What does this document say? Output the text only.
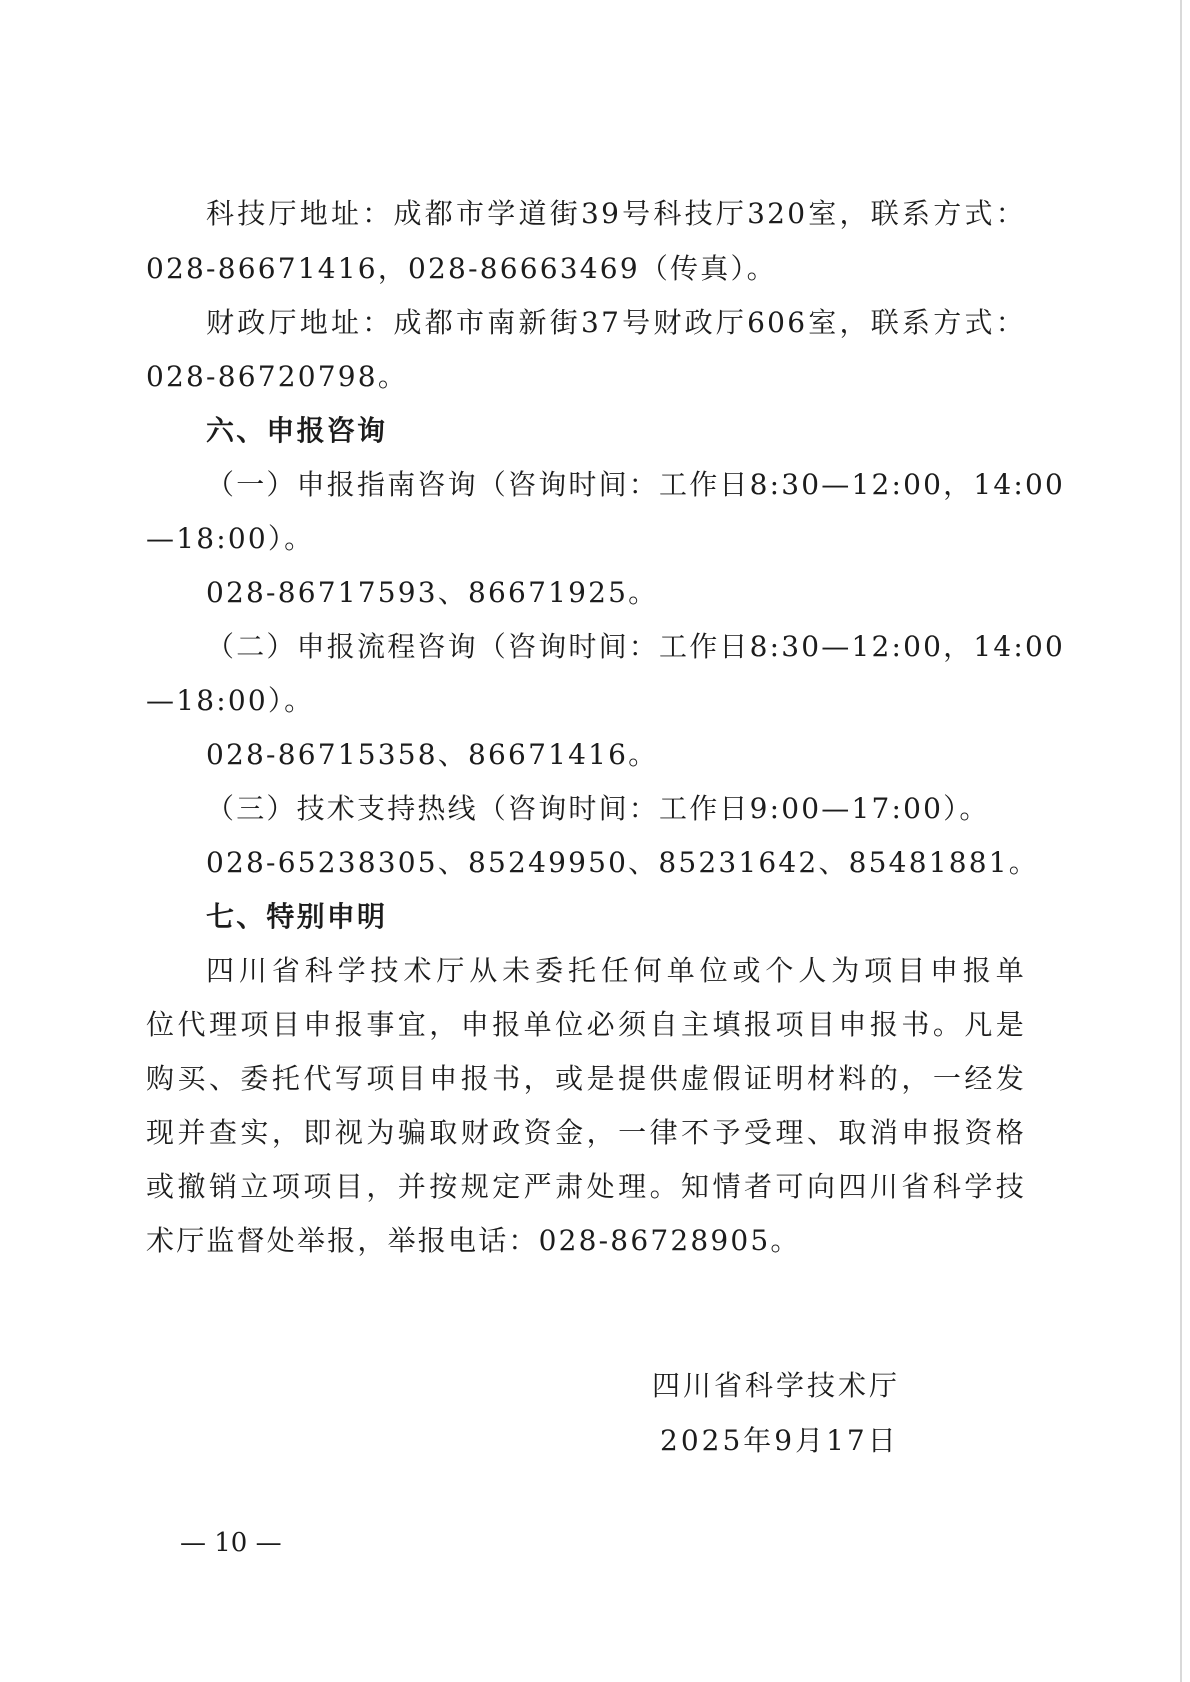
科技厅地址：成都市学道街39号科技厅320室，联系方式：
028-86671416，028-86663469（传真）。
财政厅地址：成都市南新街37号财政厅606室，联系方式：
028-86720798。
六、申报咨询
（一）申报指南咨询（咨询时间：工作日8:30—12:00，14:00
—18:00）。
028-86717593、86671925。
（二）申报流程咨询（咨询时间：工作日8:30—12:00，14:00
—18:00）。
028-86715358、86671416。
（三）技术支持热线（咨询时间：工作日9:00—17:00）。
028-65238305、85249950、85231642、85481881。
七、特别申明
四川省科学技术厅从未委托任何单位或个人为项目申报单
位代理项目申报事宜，申报单位必须自主填报项目申报书。凡是
购买、委托代写项目申报书，或是提供虚假证明材料的，一经发
现并查实，即视为骗取财政资金，一律不予受理、取消申报资格
或撤销立项项目，并按规定严肃处理。知情者可向四川省科学技
术厅监督处举报，举报电话：028-86728905。
四川省科学技术厅
2025年9月17日
— 10 —
